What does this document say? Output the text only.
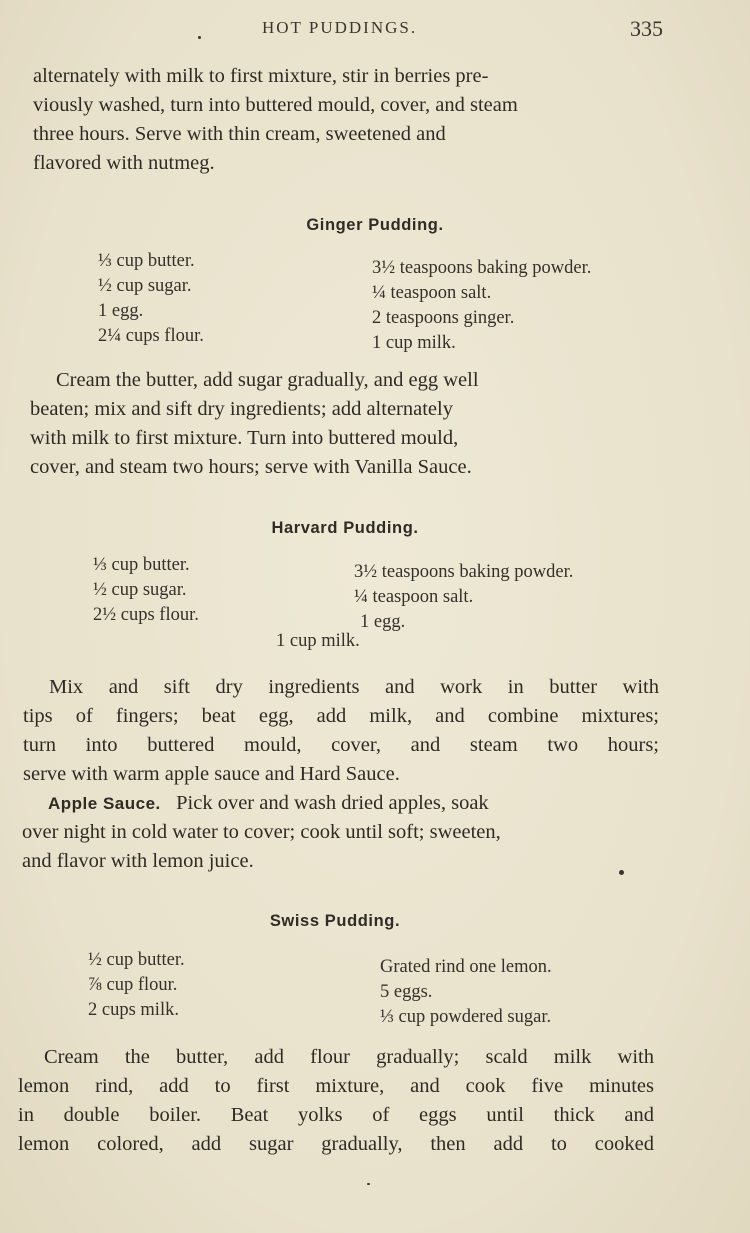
HOT PUDDINGS.	335

alternately with milk to first mixture, stir in berries pre-
viously washed, turn into buttered mould, cover, and steam
three hours. Serve with thin cream, sweetened and
flavored with nutmeg.

Ginger Pudding.
⅓ cup butter.
½ cup sugar.
1 egg.
2¼ cups flour.
3½ teaspoons baking powder.
¼ teaspoon salt.
2 teaspoons ginger.
1 cup milk.

Cream the butter, add sugar gradually, and egg well
beaten; mix and sift dry ingredients; add alternately
with milk to first mixture. Turn into buttered mould,
cover, and steam two hours; serve with Vanilla Sauce.

Harvard Pudding.
⅓ cup butter.
½ cup sugar.
2½ cups flour.
3½ teaspoons baking powder.
¼ teaspoon salt.
1 egg.
1 cup milk.

Mix and sift dry ingredients and work in butter with
tips of fingers; beat egg, add milk, and combine mixtures;
turn into buttered mould, cover, and steam two hours;
serve with warm apple sauce and Hard Sauce.

Apple Sauce. Pick over and wash dried apples, soak
over night in cold water to cover; cook until soft; sweeten,
and flavor with lemon juice.

Swiss Pudding.
½ cup butter.
⅞ cup flour.
2 cups milk.
Grated rind one lemon.
5 eggs.
⅓ cup powdered sugar.

Cream the butter, add flour gradually; scald milk with
lemon rind, add to first mixture, and cook five minutes
in double boiler. Beat yolks of eggs until thick and
lemon colored, add sugar gradually, then add to cooked
